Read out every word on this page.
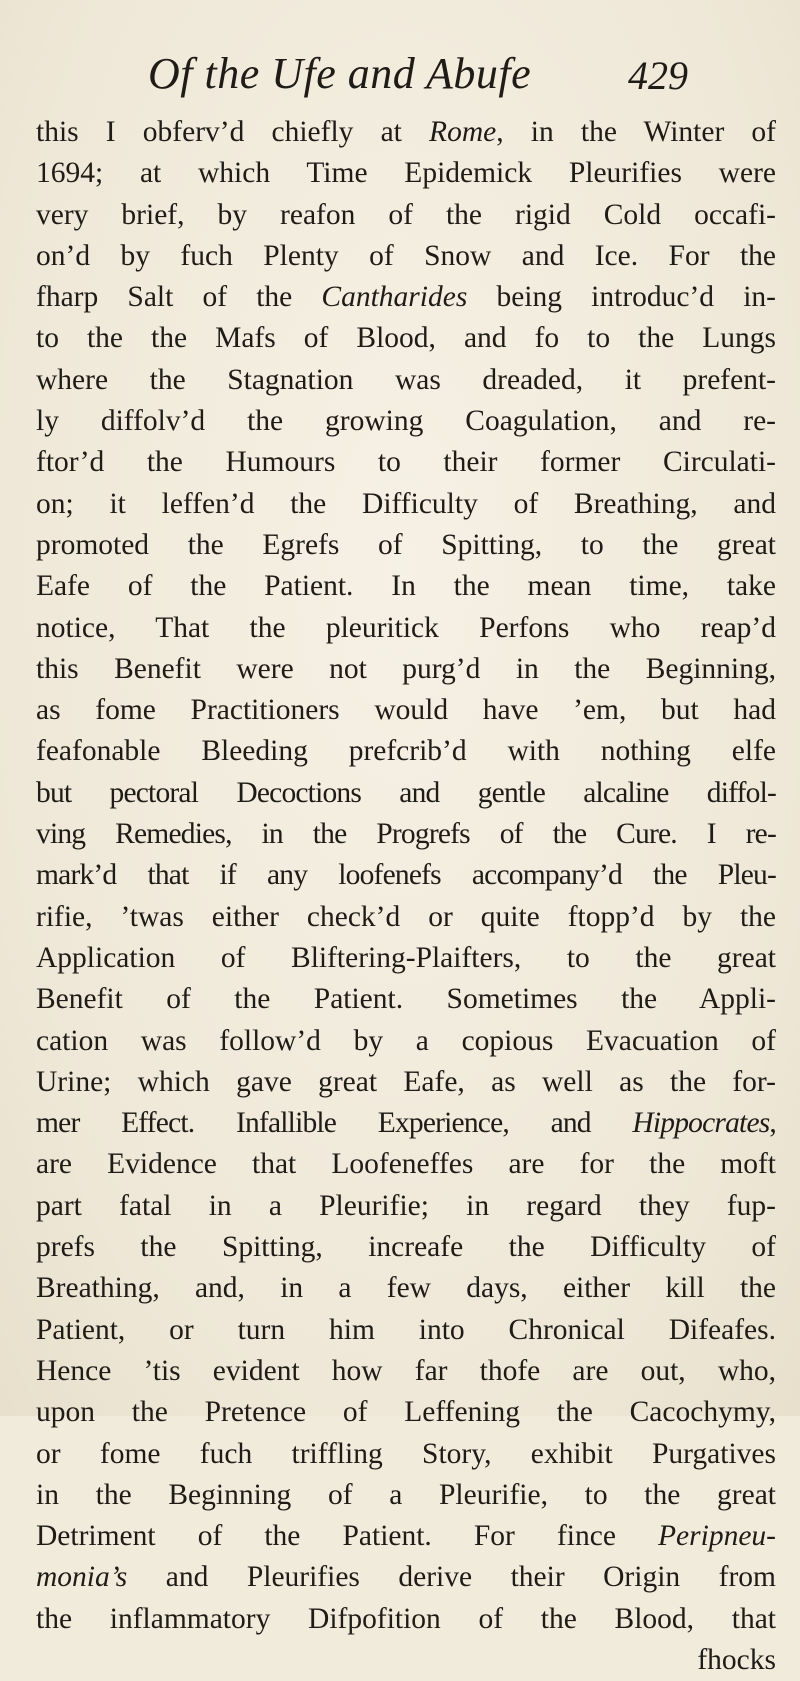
Of the Ufe and Abufe 429
this I obferv’d chiefly at Rome, in the Winter of
1694; at which Time Epidemick Pleurifies were
very brief, by reafon of the rigid Cold occafi-
on’d by fuch Plenty of Snow and Ice. For the
fharp Salt of the Cantharides being introduc’d in-
to the the Mafs of Blood, and fo to the Lungs
where the Stagnation was dreaded, it prefent-
ly diffolv’d the growing Coagulation, and re-
ftor’d the Humours to their former Circulati-
on; it leffen’d the Difficulty of Breathing, and
promoted the Egrefs of Spitting, to the great
Eafe of the Patient. In the mean time, take
notice, That the pleuritick Perfons who reap’d
this Benefit were not purg’d in the Beginning,
as fome Practitioners would have ’em, but had
feafonable Bleeding prefcrib’d with nothing elfe
but pectoral Decoctions and gentle alcaline diffol-
ving Remedies, in the Progrefs of the Cure. I re-
mark’d that if any loofenefs accompany’d the Pleu-
rifie, ’twas either check’d or quite ftopp’d by the
Application of Bliftering-Plaifters, to the great
Benefit of the Patient. Sometimes the Appli-
cation was follow’d by a copious Evacuation of
Urine; which gave great Eafe, as well as the for-
mer Effect. Infallible Experience, and Hippocrates,
are Evidence that Loofeneffes are for the moft
part fatal in a Pleurifie; in regard they fup-
prefs the Spitting, increafe the Difficulty of
Breathing, and, in a few days, either kill the
Patient, or turn him into Chronical Difeafes.
Hence ’tis evident how far thofe are out, who,
upon the Pretence of Leffening the Cacochymy,
or fome fuch triffling Story, exhibit Purgatives
in the Beginning of a Pleurifie, to the great
Detriment of the Patient. For fince Peripneu-
monia’s and Pleurifies derive their Origin from
the inflammatory Difpofition of the Blood, that
fhocks
